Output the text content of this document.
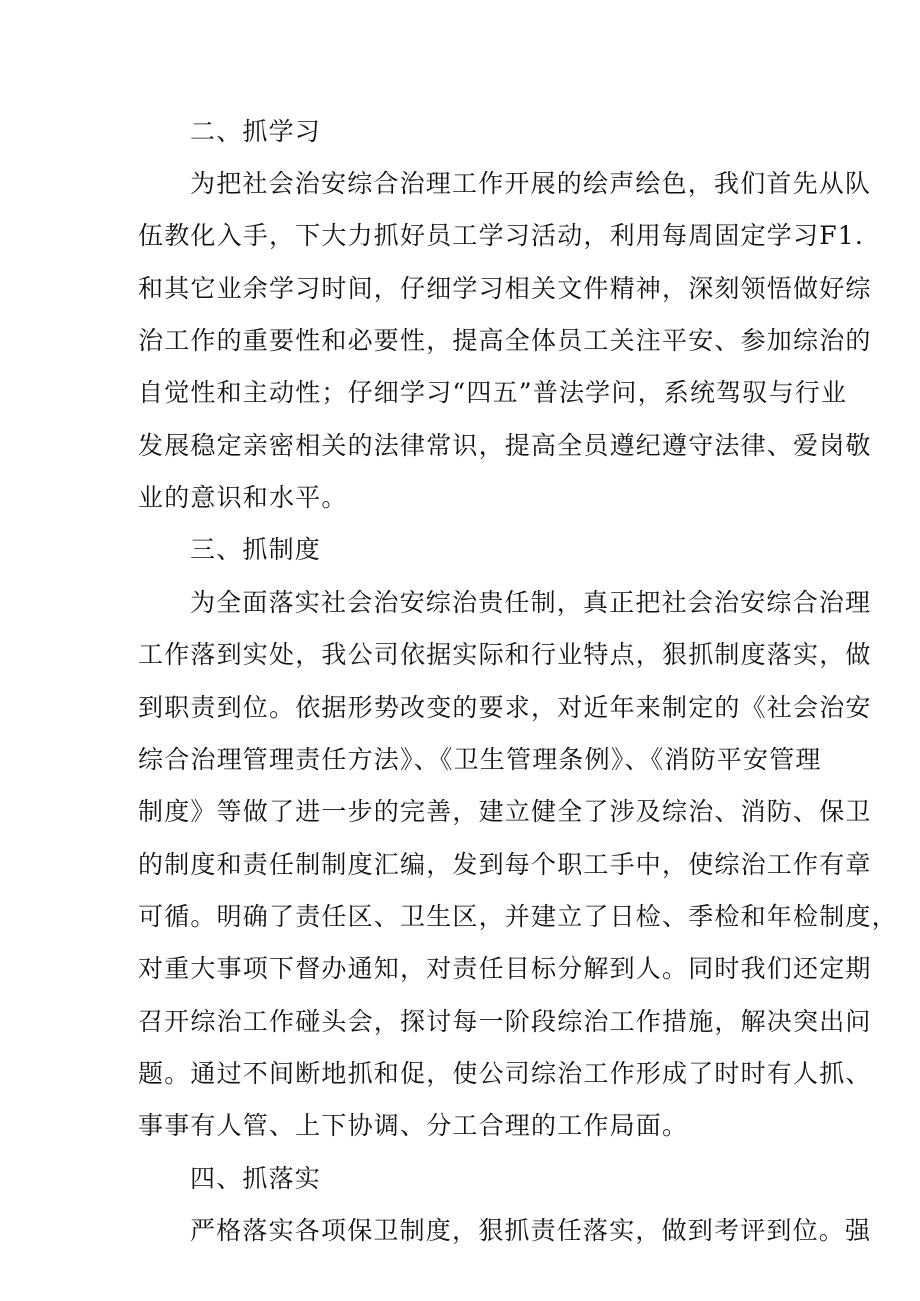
二、抓学习
为把社会治安综合治理工作开展的绘声绘色，我们首先从队
伍教化入手，下大力抓好员工学习活动，利用每周固定学习F1.
和其它业余学习时间，仔细学习相关文件精神，深刻领悟做好综
治工作的重要性和必要性，提高全体员工关注平安、参加综治的
自觉性和主动性；仔细学习“四五”普法学问，系统驾驭与行业
发展稳定亲密相关的法律常识，提高全员遵纪遵守法律、爱岗敬
业的意识和水平。
三、抓制度
为全面落实社会治安综治贵任制，真正把社会治安综合治理
工作落到实处，我公司依据实际和行业特点，狠抓制度落实，做
到职责到位。依据形势改变的要求，对近年来制定的《社会治安
综合治理管理责任方法》、《卫生管理条例》、《消防平安管理
制度》等做了进一步的完善，建立健全了涉及综治、消防、保卫
的制度和责任制制度汇编，发到每个职工手中，使综治工作有章
可循。明确了责任区、卫生区，并建立了日检、季检和年检制度，
对重大事项下督办通知，对责任目标分解到人。同时我们还定期
召开综治工作碰头会，探讨每一阶段综治工作措施，解决突出问
题。通过不间断地抓和促，使公司综治工作形成了时时有人抓、
事事有人管、上下协调、分工合理的工作局面。
四、抓落实
严格落实各项保卫制度，狠抓责任落实，做到考评到位。强
